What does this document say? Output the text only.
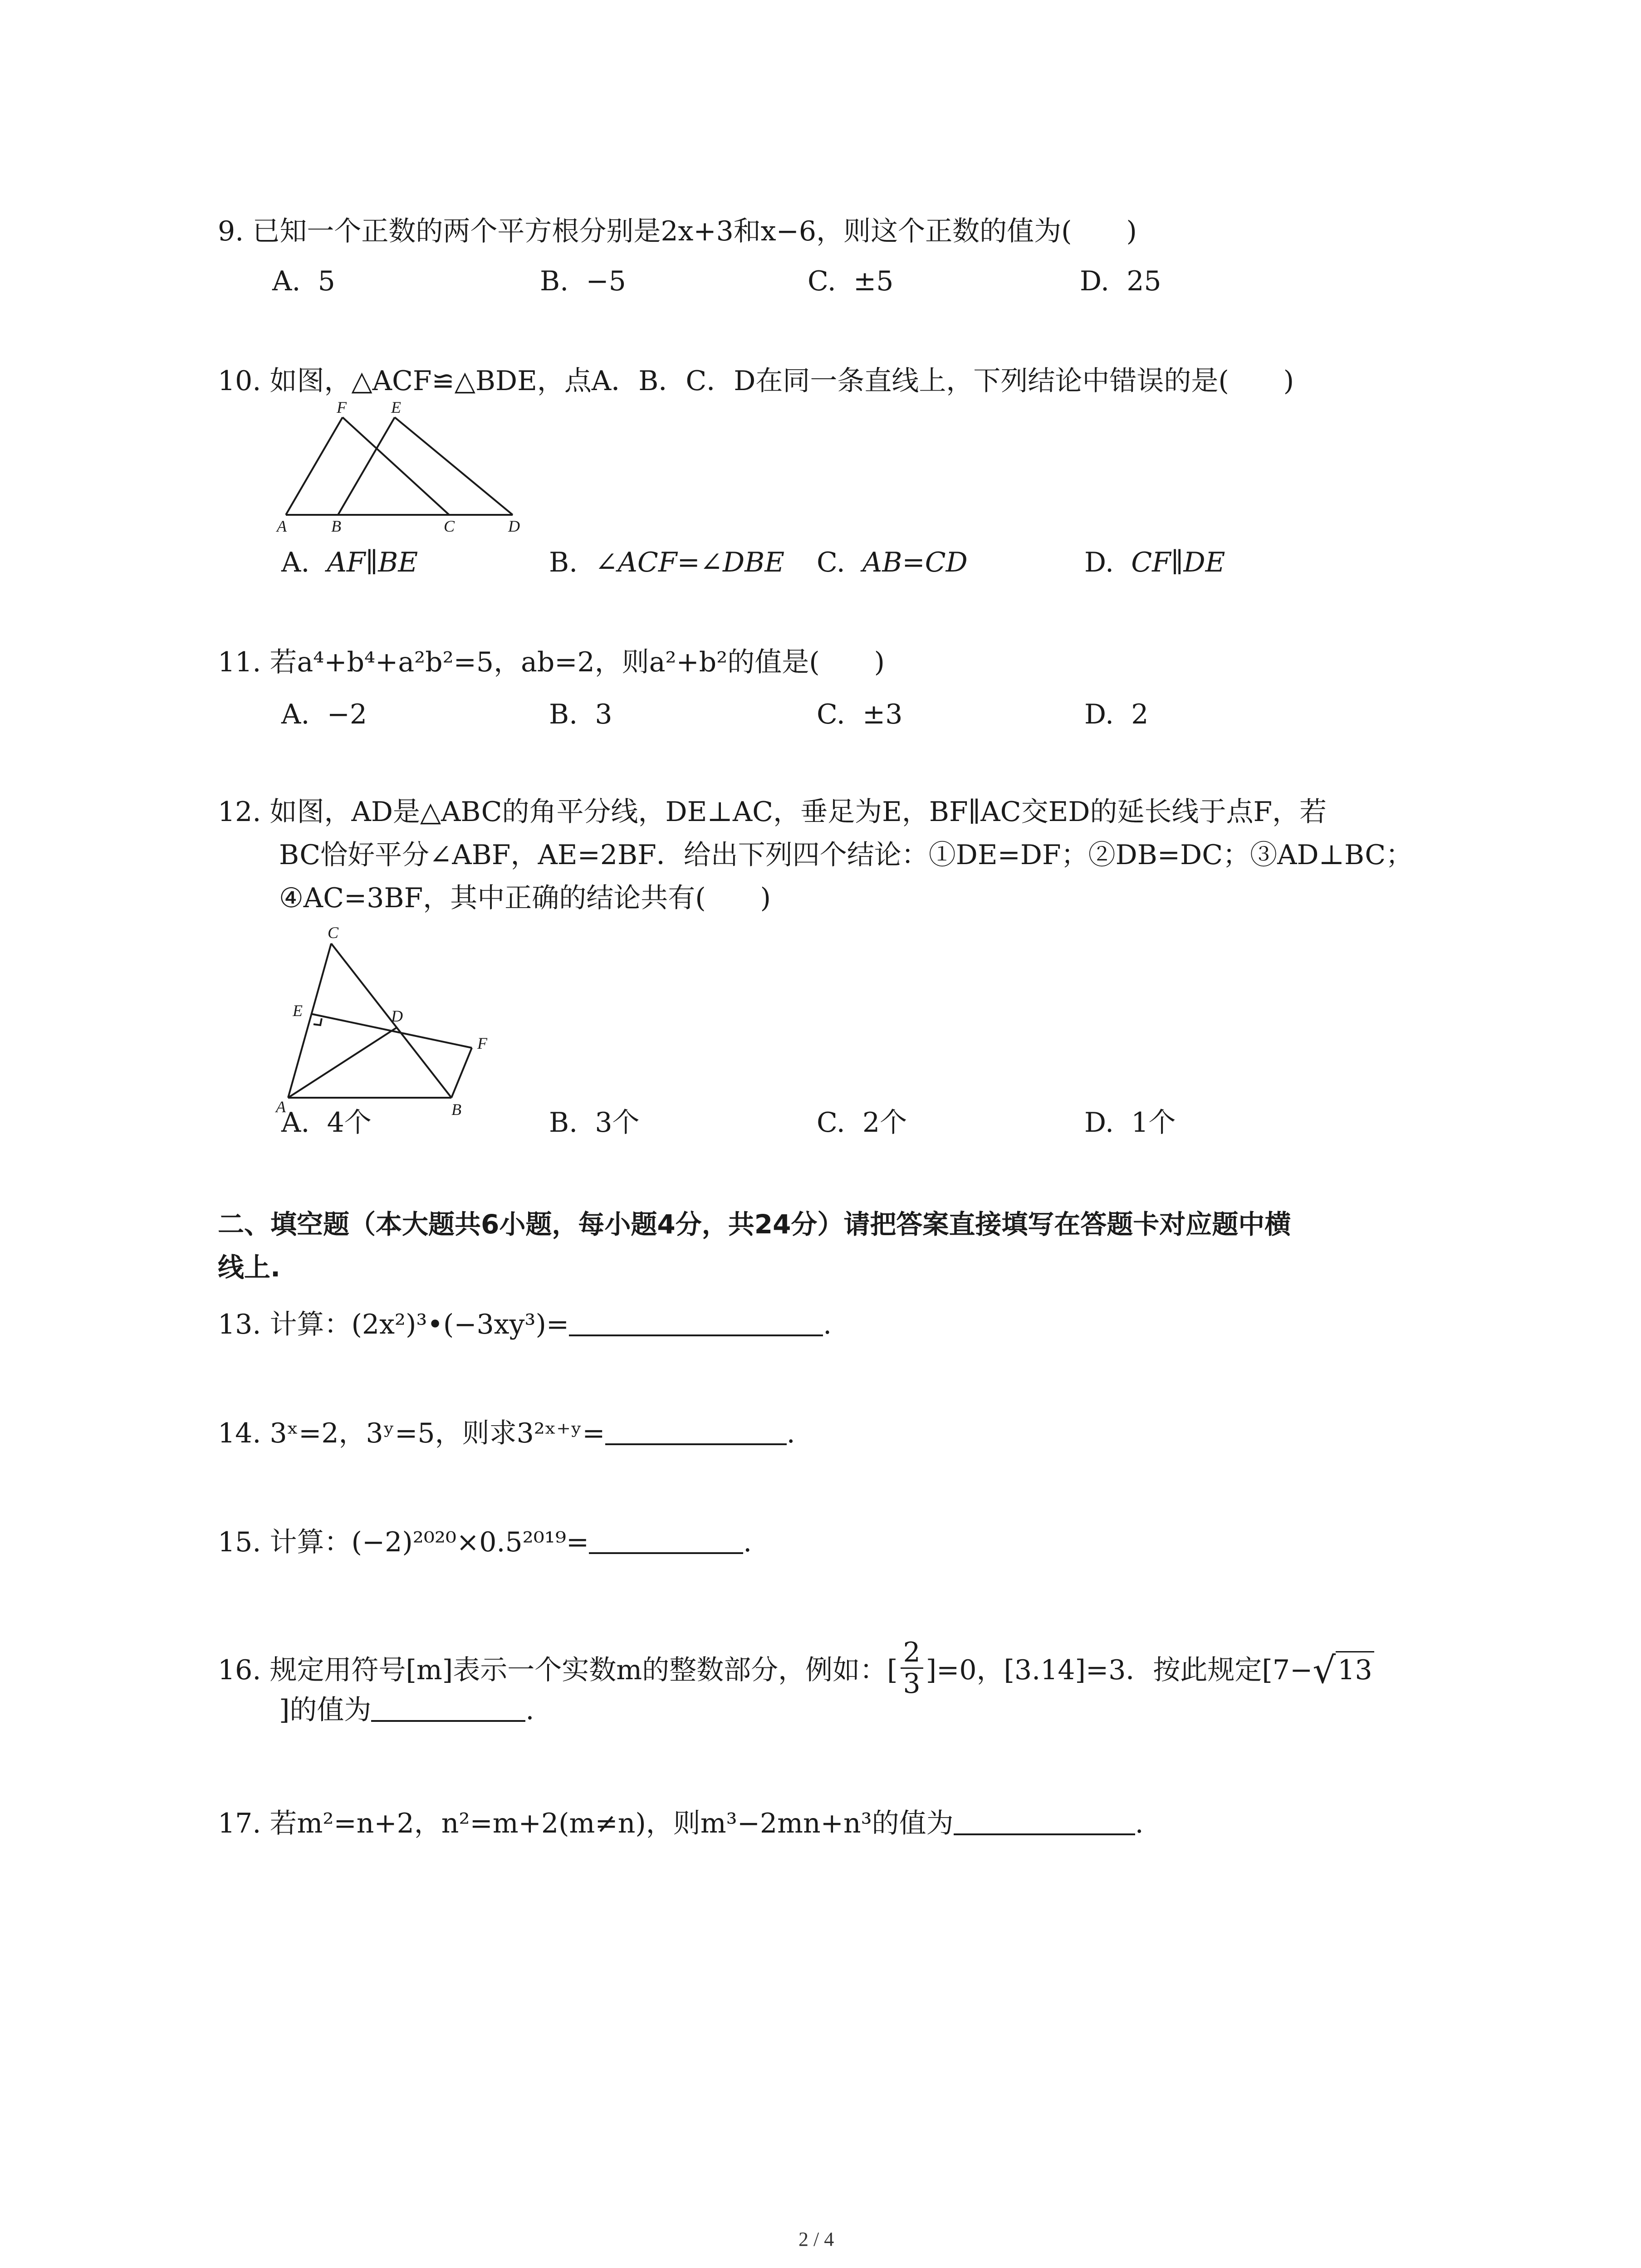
9. 已知一个正数的两个平方根分别是2x+3和x−6，则这个正数的值为(　　)
A. 5	B. −5	C. ±5	D. 25
10. 如图，△ACF≌△BDE，点A．B．C．D在同一条直线上，下列结论中错误的是(　　)
F	E
A	B	C	D
A. AF∥BE	B. ∠ACF=∠DBE C. AB=CD	D. CF∥DE
11. 若a⁴+b⁴+a²b²=5，ab=2，则a²+b²的值是(　　)
A. −2	B. 3	C. ±3	D. 2
12. 如图，AD是△ABC的角平分线，DE⊥AC，垂足为E，BF∥AC交ED的延长线于点F，若
BC恰好平分∠ABF，AE=2BF．给出下列四个结论：①DE=DF；②DB=DC；③AD⊥BC；
④AC=3BF，其中正确的结论共有(　　)
C
E	D
F
A	B
A. 4个	B. 3个	C. 2个	D. 1个
二、填空题（本大题共6小题，每小题4分，共24分）请把答案直接填写在答题卡对应题中横
线上.
13. 计算：(2x²)³•(−3xy³)=	.
14. 3ˣ=2，3ʸ=5，则求3²ˣ⁺ʸ=	.
15. 计算：(−2)²⁰²⁰×0.5²⁰¹⁹=	.
16. 规定用符号[m]表示一个实数m的整数部分，例如：[ $\frac{2}{3} ]=0$，[3.14]=3．按此规定[7−√13
]的值为	.
17. 若m²=n+2，n²=m+2(m≠n)，则m³−2mn+n³的值为	.
2 / 4
